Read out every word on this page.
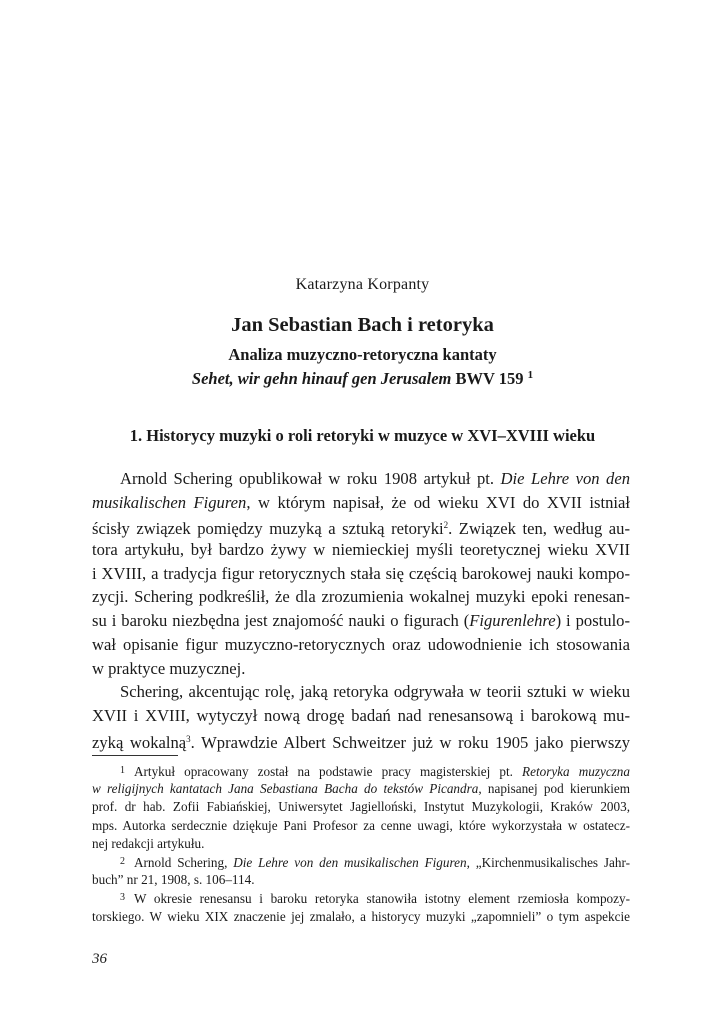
Katarzyna Korpanty
Jan Sebastian Bach i retoryka
Analiza muzyczno-retoryczna kantaty
Sehet, wir gehn hinauf gen Jerusalem BWV 159 $^1$
1. Historycy muzyki o roli retoryki w muzyce w XVI–XVIII wieku
Arnold Schering opublikował w roku 1908 artykuł pt. Die Lehre von den
musikalischen Figuren, w którym napisał, że od wieku XVI do XVII istniał
ścisły związek pomiędzy muzyką a sztuką retoryki$^2$. Związek ten, według au-
tora artykułu, był bardzo żywy w niemieckiej myśli teoretycznej wieku XVII
i XVIII, a tradycja figur retorycznych stała się częścią barokowej nauki kompo-
zycji. Schering podkreślił, że dla zrozumienia wokalnej muzyki epoki renesan-
su i baroku niezbędna jest znajomość nauki o figurach (Figurenlehre) i postulo-
wał opisanie figur muzyczno-retorycznych oraz udowodnienie ich stosowania
w praktyce muzycznej.
Schering, akcentując rolę, jaką retoryka odgrywała w teorii sztuki w wieku
XVII i XVIII, wytyczył nową drogę badań nad renesansową i barokową mu-
zyką wokalną$^3$. Wprawdzie Albert Schweitzer już w roku 1905 jako pierwszy
$^1$ Artykuł opracowany został na podstawie pracy magisterskiej pt. Retoryka muzyczna
w religijnych kantatach Jana Sebastiana Bacha do tekstów Picandra, napisanej pod kierunkiem
prof. dr hab. Zofii Fabiańskiej, Uniwersytet Jagielloński, Instytut Muzykologii, Kraków 2003,
mps. Autorka serdecznie dziękuje Pani Profesor za cenne uwagi, które wykorzystała w ostatecz-
nej redakcji artykułu.
$^2$ Arnold Schering, Die Lehre von den musikalischen Figuren, „Kirchenmusikalisches Jahr-
buch” nr 21, 1908, s. 106–114.
$^3$ W okresie renesansu i baroku retoryka stanowiła istotny element rzemiosła kompozy-
torskiego. W wieku XIX znaczenie jej zmalało, a historycy muzyki „zapomnieli” o tym aspekcie
36
